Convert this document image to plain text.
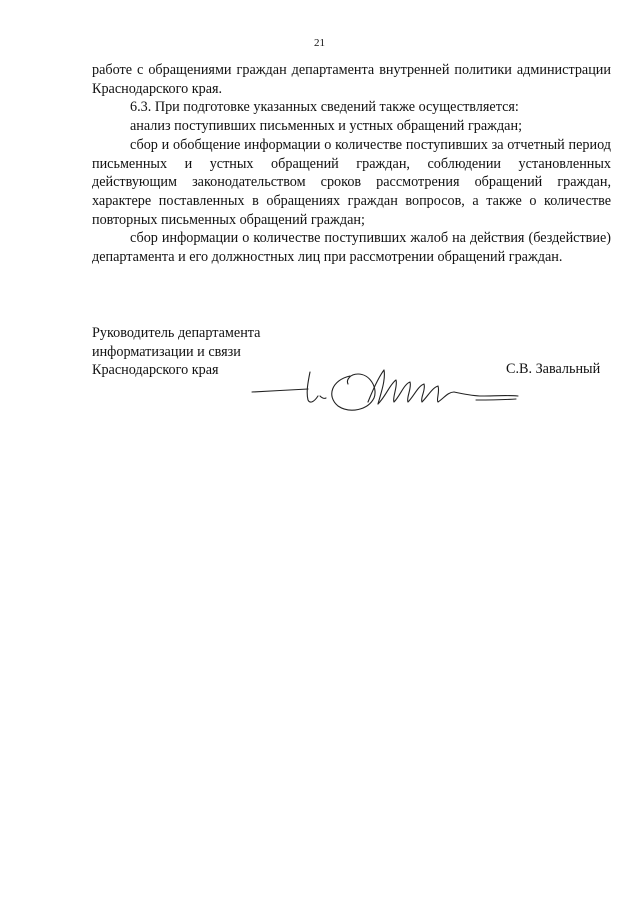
21

работе с обращениями граждан департамента внутренней политики администрации Краснодарского края.

6.3. При подготовке указанных сведений также осуществляется:

анализ поступивших письменных и устных обращений граждан;

сбор и обобщение информации о количестве поступивших за отчетный период письменных и устных обращений граждан, соблюдении установленных действующим законодательством сроков рассмотрения обращений граждан, характере поставленных в обращениях граждан вопросов, а также о количестве повторных письменных обращений граждан;

сбор информации о количестве поступивших жалоб на действия (бездействие) департамента и его должностных лиц при рассмотрении обращений граждан.

Руководитель департамента
информатизации и связи
Краснодарского края	С.В. Завальный
